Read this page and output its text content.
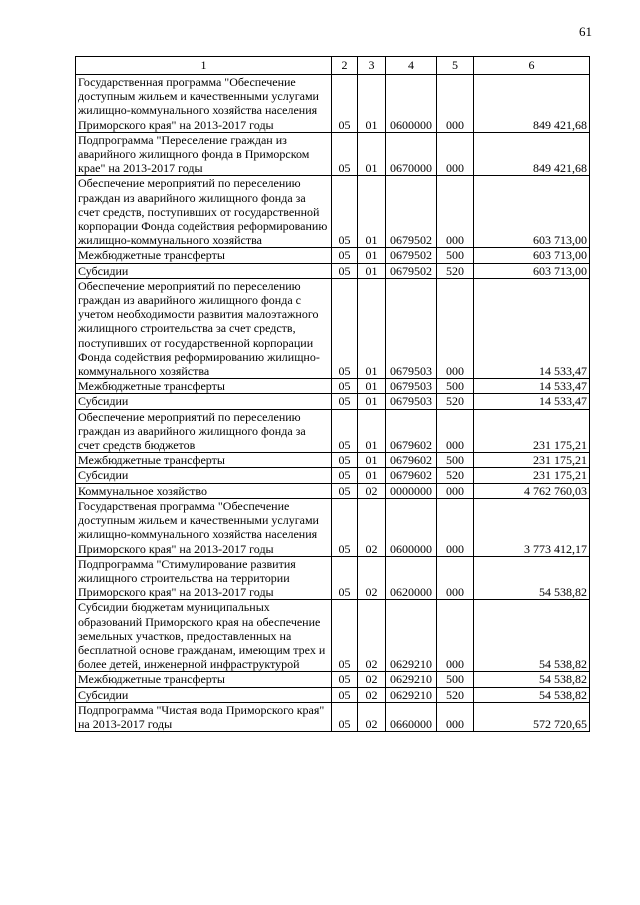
61
1	2	3	4	5	6
Государственная программа "Обеспечение доступным жильем и качественными услугами жилищно-коммунального хозяйства населения Приморского края" на 2013-2017 годы	05	01	0600000	000	849 421,68
Подпрограмма "Переселение граждан из аварийного жилищного фонда в Приморском крае" на 2013-2017 годы	05	01	0670000	000	849 421,68
Обеспечение мероприятий по переселению граждан из аварийного жилищного фонда за счет средств, поступивших от государственной корпорации Фонда содействия реформированию жилищно-коммунального хозяйства	05	01	0679502	000	603 713,00
Межбюджетные трансферты	05	01	0679502	500	603 713,00
Субсидии	05	01	0679502	520	603 713,00
Обеспечение мероприятий по переселению граждан из аварийного жилищного фонда с учетом необходимости развития малоэтажного жилищного строительства за счет средств, поступивших от государственной корпорации Фонда содействия реформированию жилищно-коммунального хозяйства	05	01	0679503	000	14 533,47
Межбюджетные трансферты	05	01	0679503	500	14 533,47
Субсидии	05	01	0679503	520	14 533,47
Обеспечение мероприятий по переселению граждан из аварийного жилищного фонда за счет средств бюджетов	05	01	0679602	000	231 175,21
Межбюджетные трансферты	05	01	0679602	500	231 175,21
Субсидии	05	01	0679602	520	231 175,21
Коммунальное хозяйство	05	02	0000000	000	4 762 760,03
Государственая программа "Обеспечение доступным жильем и качественными услугами жилищно-коммунального хозяйства населения Приморского края" на 2013-2017 годы	05	02	0600000	000	3 773 412,17
Подпрограмма "Стимулирование развития жилищного строительства на территории Приморского края" на 2013-2017 годы	05	02	0620000	000	54 538,82
Субсидии бюджетам муниципальных образований Приморского края на обеспечение земельных участков, предоставленных на бесплатной основе гражданам, имеющим трех и более детей, инженерной инфраструктурой	05	02	0629210	000	54 538,82
Межбюджетные трансферты	05	02	0629210	500	54 538,82
Субсидии	05	02	0629210	520	54 538,82
Подпрограмма "Чистая вода Приморского края" на 2013-2017 годы	05	02	0660000	000	572 720,65
